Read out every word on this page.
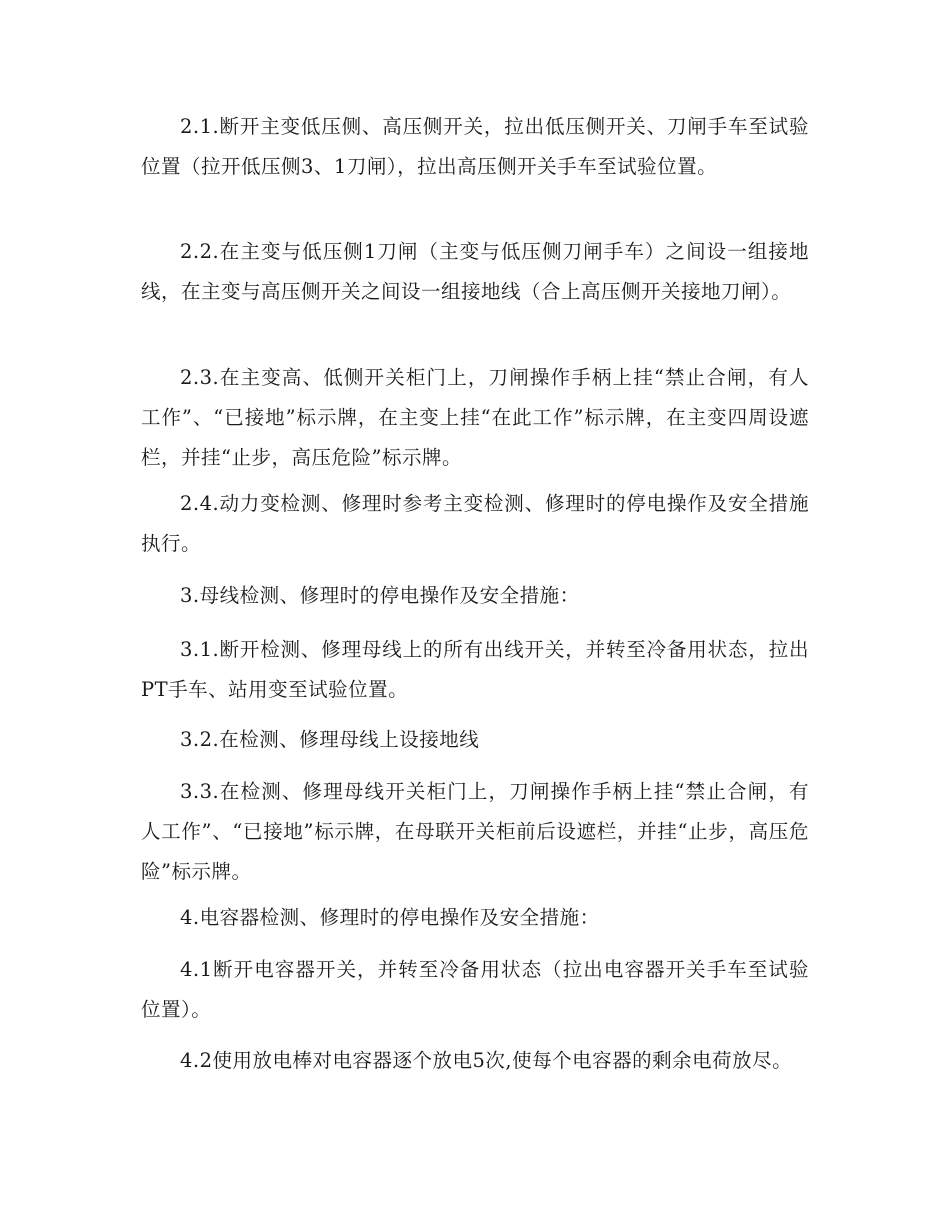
2.1.断开主变低压侧、高压侧开关，拉出低压侧开关、刀闸手车至试验位置（拉开低压侧3、1刀闸），拉出高压侧开关手车至试验位置。

2.2.在主变与低压侧1刀闸（主变与低压侧刀闸手车）之间设一组接地线，在主变与高压侧开关之间设一组接地线（合上高压侧开关接地刀闸）。

2.3.在主变高、低侧开关柜门上，刀闸操作手柄上挂“禁止合闸，有人工作”、“已接地”标示牌，在主变上挂“在此工作”标示牌，在主变四周设遮栏，并挂“止步，高压危险”标示牌。

2.4.动力变检测、修理时参考主变检测、修理时的停电操作及安全措施执行。

3.母线检测、修理时的停电操作及安全措施：

3.1.断开检测、修理母线上的所有出线开关，并转至冷备用状态，拉出PT手车、站用变至试验位置。

3.2.在检测、修理母线上设接地线

3.3.在检测、修理母线开关柜门上，刀闸操作手柄上挂“禁止合闸，有人工作”、“已接地”标示牌，在母联开关柜前后设遮栏，并挂“止步，高压危险”标示牌。

4.电容器检测、修理时的停电操作及安全措施：

4.1断开电容器开关，并转至冷备用状态（拉出电容器开关手车至试验位置）。

4.2使用放电棒对电容器逐个放电5次,使每个电容器的剩余电荷放尽。
